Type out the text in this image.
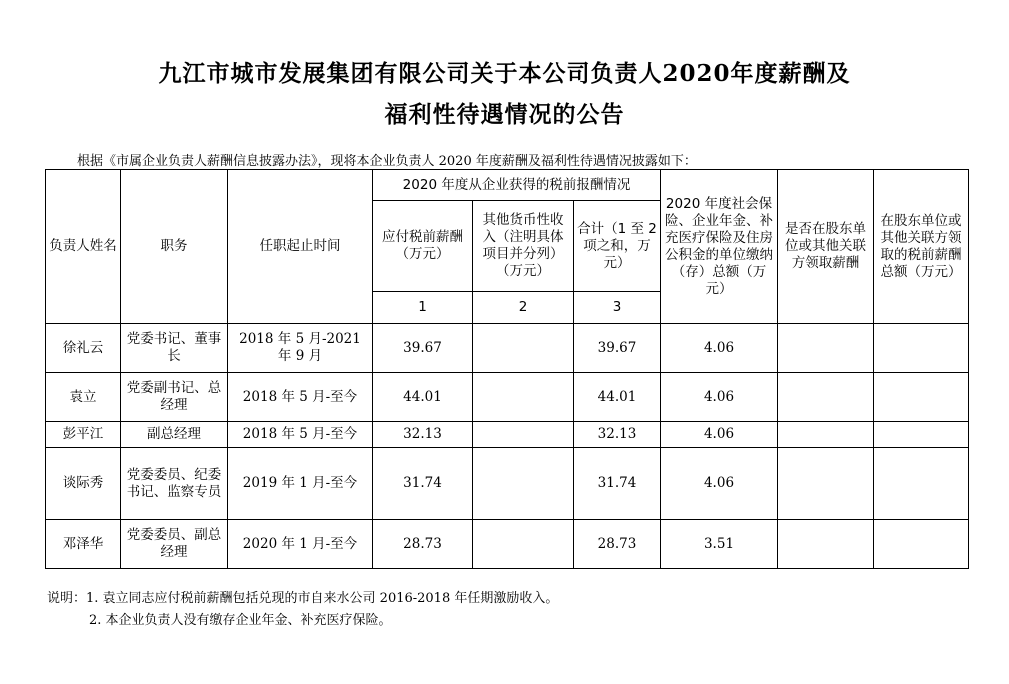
九江市城市发展集团有限公司关于本公司负责人2020年度薪酬及
福利性待遇情况的公告
根据《市属企业负责人薪酬信息披露办法》，现将本企业负责人 2020 年度薪酬及福利性待遇情况披露如下：
负责人姓名	职务	任职起止时间	2020 年度从企业获得的税前报酬情况			2020 年度社会保险、企业年金、补充医疗保险及住房公积金的单位缴纳（存）总额（万元）	是否在股东单位或其他关联方领取薪酬	在股东单位或其他关联方领取的税前薪酬总额（万元）
			应付税前薪酬（万元）	其他货币性收入（注明具体项目并分列）（万元）	合计（1 至 2 项之和，万元）			
			1	2	3			
徐礼云	党委书记、董事长	2018 年 5 月-2021 年 9 月	39.67		39.67	4.06		
袁立	党委副书记、总经理	2018 年 5 月-至今	44.01		44.01	4.06		
彭平江	副总经理	2018 年 5 月-至今	32.13		32.13	4.06		
谈际秀	党委委员、纪委书记、监察专员	2019 年 1 月-至今	31.74		31.74	4.06		
邓泽华	党委委员、副总经理	2020 年 1 月-至今	28.73		28.73	3.51		
说明：1. 袁立同志应付税前薪酬包括兑现的市自来水公司 2016-2018 年任期激励收入。
2. 本企业负责人没有缴存企业年金、补充医疗保险。
